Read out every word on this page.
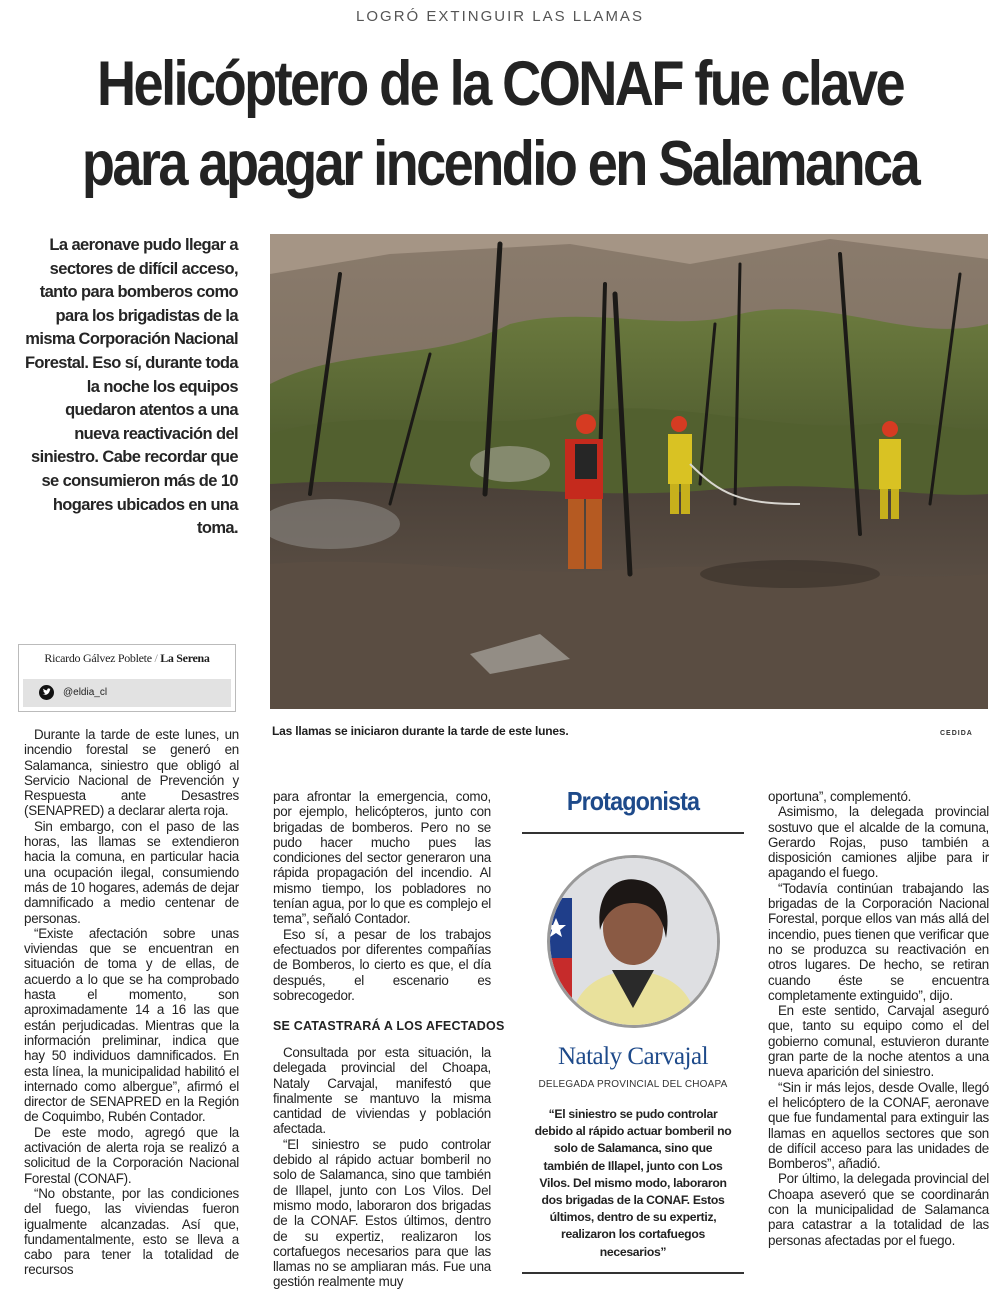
LOGRÓ EXTINGUIR LAS LLAMAS
Helicóptero de la CONAF fue clave
para apagar incendio en Salamanca
La aeronave pudo llegar a sectores de difícil acceso, tanto para bomberos como para los brigadistas de la misma Corporación Nacional Forestal. Eso sí, durante toda la noche los equipos quedaron atentos a una nueva reactivación del siniestro. Cabe recordar que se consumieron más de 10 hogares ubicados en una toma.
Ricardo Gálvez Poblete / La Serena
@eldia_cl
Las llamas se iniciaron durante la tarde de este lunes.	CEDIDA

Durante la tarde de este lunes, un incendio forestal se generó en Salamanca, siniestro que obligó al Servicio Nacional de Prevención y Respuesta ante Desastres (SENAPRED) a declarar alerta roja.

Sin embargo, con el paso de las horas, las llamas se extendieron hacia la comuna, en particular hacia una ocupación ilegal, consumiendo más de 10 hogares, además de dejar damnificado a medio centenar de personas.

“Existe afectación sobre unas viviendas que se encuentran en situación de toma y de ellas, de acuerdo a lo que se ha comprobado hasta el momento, son aproximadamente 14 a 16 las que están perjudicadas. Mientras que la información preliminar, indica que hay 50 individuos damnificados. En esta línea, la municipalidad habilitó el internado como albergue”, afirmó el director de SENAPRED en la Región de Coquimbo, Rubén Contador.

De este modo, agregó que la activación de alerta roja se realizó a solicitud de la Corporación Nacional Forestal (CONAF).

“No obstante, por las condiciones del fuego, las viviendas fueron igualmente alcanzadas. Así que, fundamentalmente, esto se lleva a cabo para tener la totalidad de recursos

para afrontar la emergencia, como, por ejemplo, helicópteros, junto con brigadas de bomberos. Pero no se pudo hacer mucho pues las condiciones del sector generaron una rápida propagación del incendio. Al mismo tiempo, los pobladores no tenían agua, por lo que es complejo el tema”, señaló Contador.

Eso sí, a pesar de los trabajos efectuados por diferentes compañías de Bomberos, lo cierto es que, el día después, el escenario es sobrecogedor.

SE CATASTRARÁ A LOS AFECTADOS

Consultada por esta situación, la delegada provincial del Choapa, Nataly Carvajal, manifestó que finalmente se mantuvo la misma cantidad de viviendas y población afectada.

“El siniestro se pudo controlar debido al rápido actuar bomberil no solo de Salamanca, sino que también de Illapel, junto con Los Vilos. Del mismo modo, laboraron dos brigadas de la CONAF. Estos últimos, dentro de su expertiz, realizaron los cortafuegos necesarios para que las llamas no se ampliaran más. Fue una gestión realmente muy

Protagonista
Nataly Carvajal
DELEGADA PROVINCIAL DEL CHOAPA
“El siniestro se pudo controlar debido al rápido actuar bomberil no solo de Salamanca, sino que también de Illapel, junto con Los Vilos. Del mismo modo, laboraron dos brigadas de la CONAF. Estos últimos, dentro de su expertiz, realizaron los cortafuegos necesarios”

oportuna”, complementó.

Asimismo, la delegada provincial sostuvo que el alcalde de la comuna, Gerardo Rojas, puso también a disposición camiones aljibe para ir apagando el fuego.

“Todavía continúan trabajando las brigadas de la Corporación Nacional Forestal, porque ellos van más allá del incendio, pues tienen que verificar que no se produzca su reactivación en otros lugares. De hecho, se retiran cuando éste se encuentra completamente extinguido”, dijo.

En este sentido, Carvajal aseguró que, tanto su equipo como el del gobierno comunal, estuvieron durante gran parte de la noche atentos a una nueva aparición del siniestro.

“Sin ir más lejos, desde Ovalle, llegó el helicóptero de la CONAF, aeronave que fue fundamental para extinguir las llamas en aquellos sectores que son de difícil acceso para las unidades de Bomberos”, añadió.

Por último, la delegada provincial del Choapa aseveró que se coordinarán con la municipalidad de Salamanca para catastrar a la totalidad de las personas afectadas por el fuego.
